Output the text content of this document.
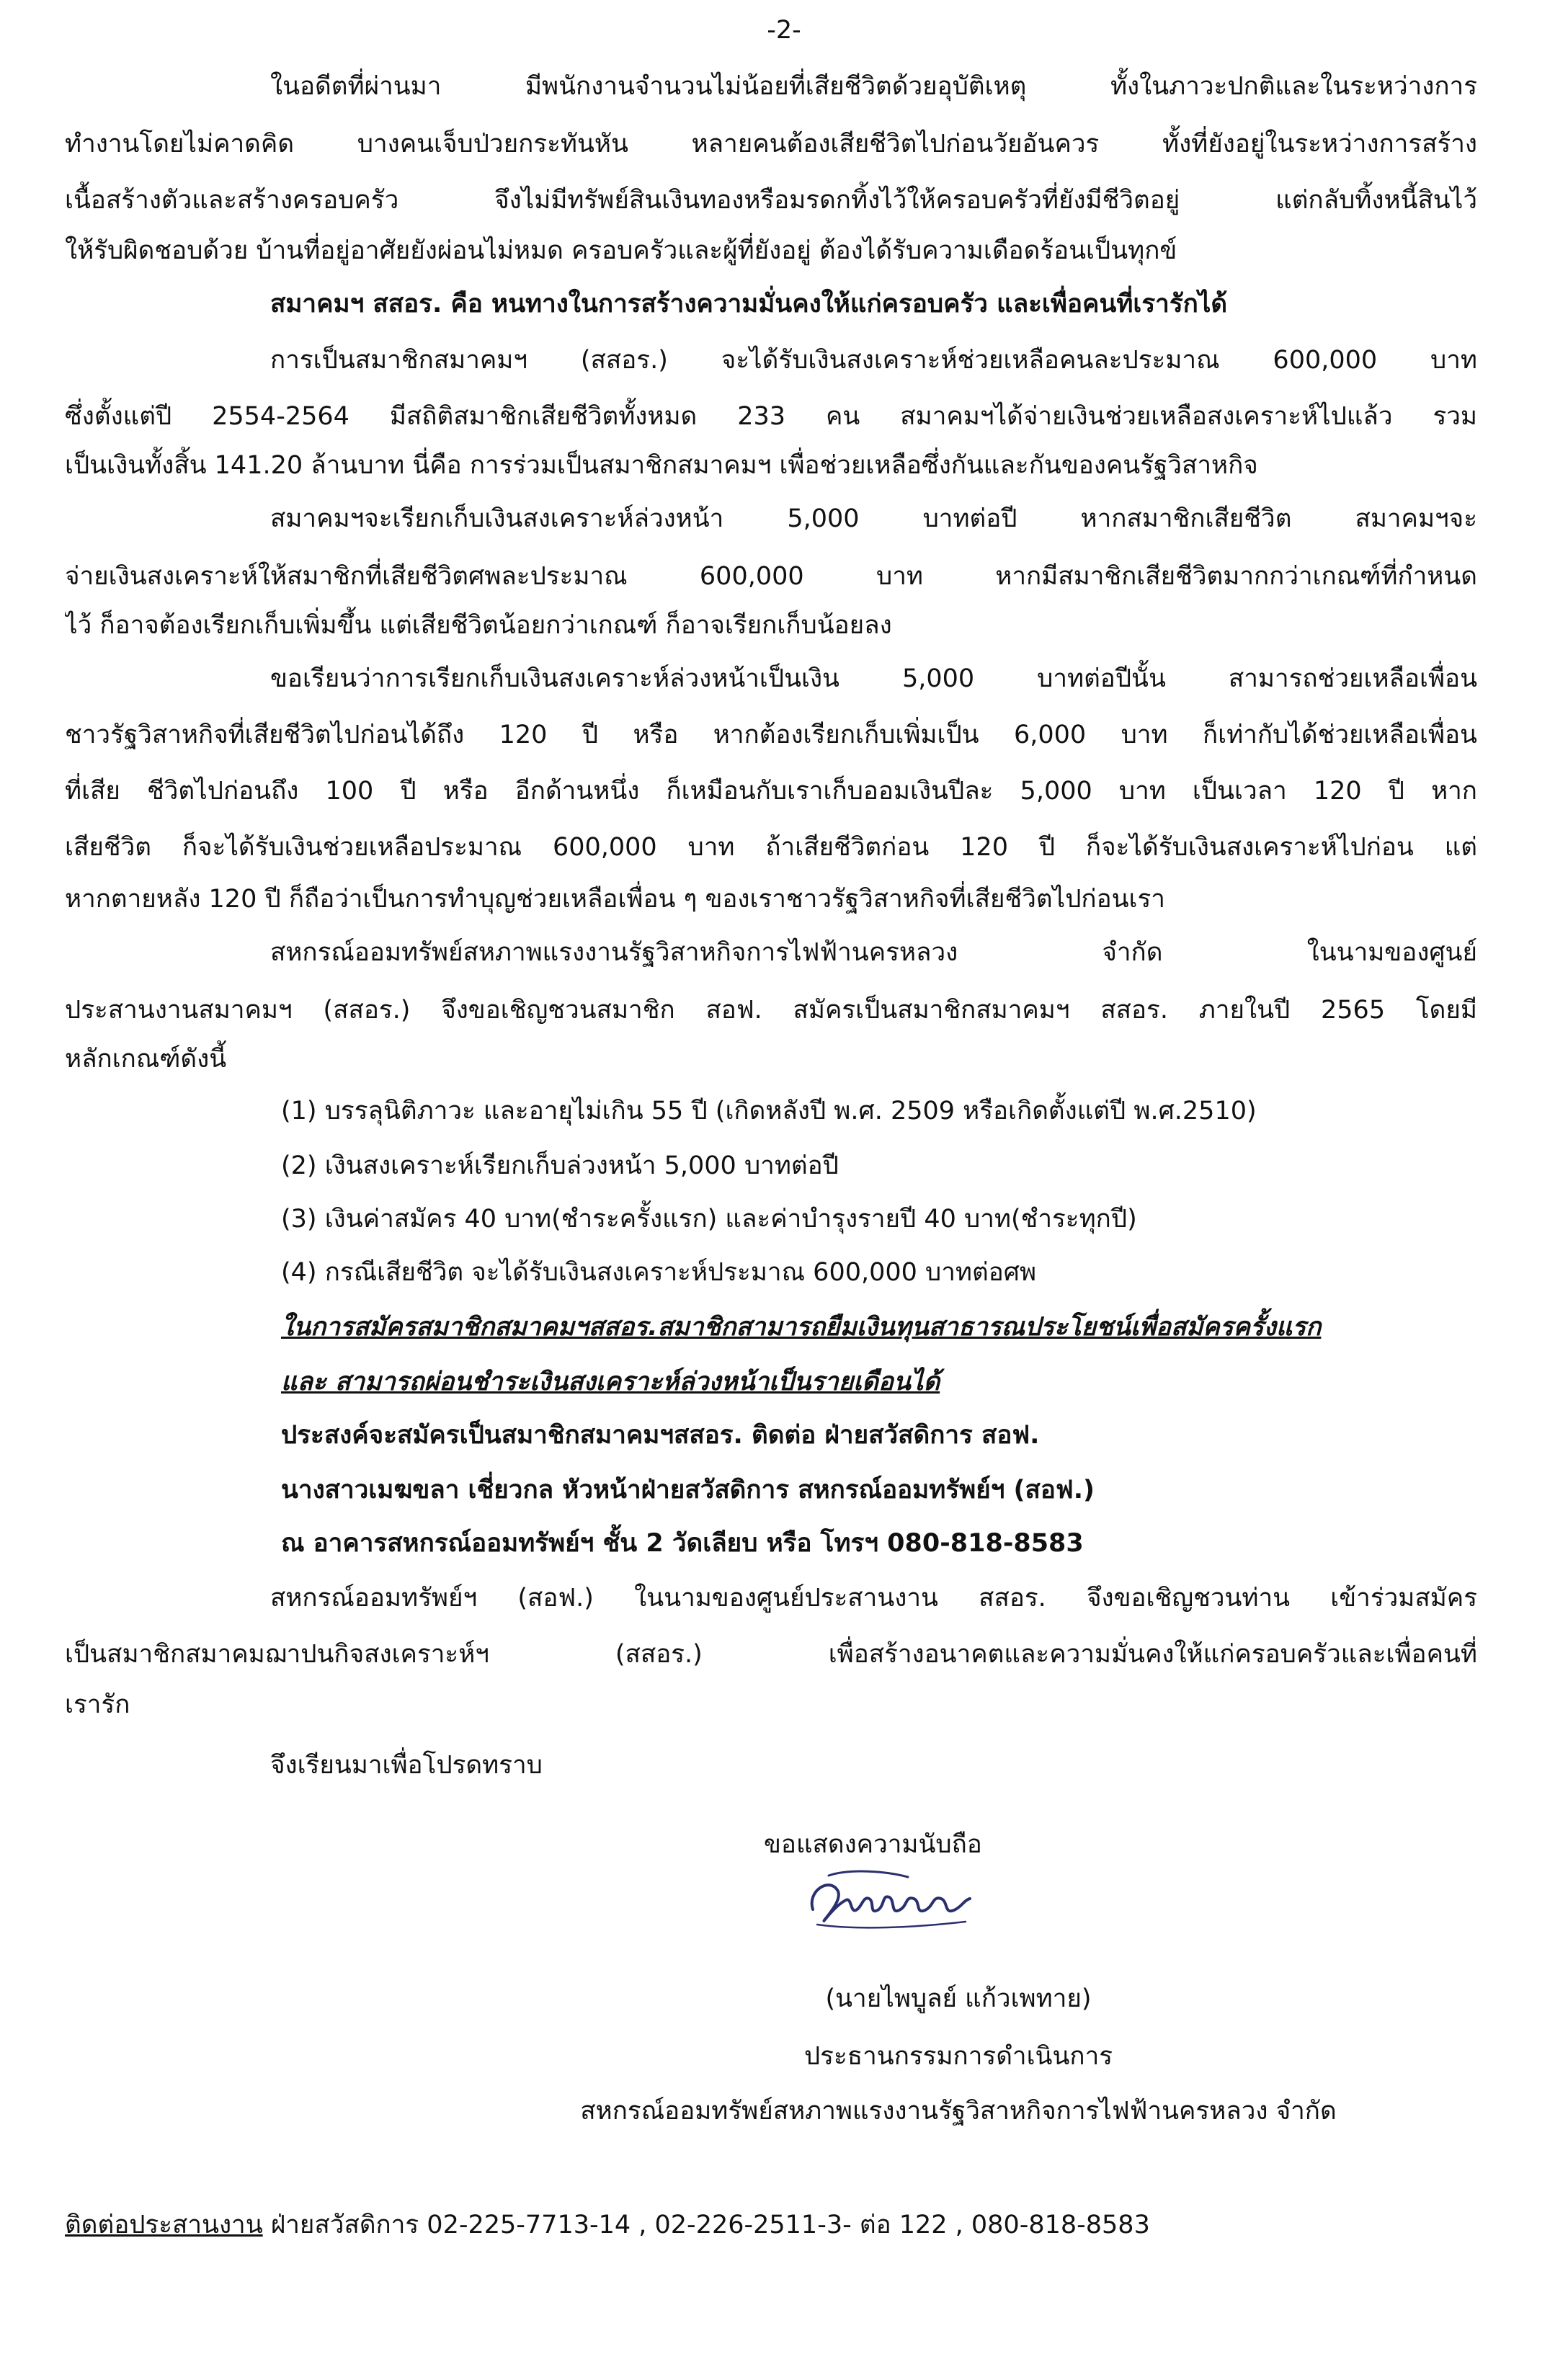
-2-
ในอดีตที่ผ่านมา มีพนักงานจำนวนไม่น้อยที่เสียชีวิตด้วยอุบัติเหตุ ทั้งในภาวะปกติและในระหว่างการ
ทำงานโดยไม่คาดคิด บางคนเจ็บป่วยกระทันหัน หลายคนต้องเสียชีวิตไปก่อนวัยอันควร ทั้งที่ยังอยู่ในระหว่างการสร้าง
เนื้อสร้างตัวและสร้างครอบครัว จึงไม่มีทรัพย์สินเงินทองหรือมรดกทิ้งไว้ให้ครอบครัวที่ยังมีชีวิตอยู่ แต่กลับทิ้งหนี้สินไว้
ให้รับผิดชอบด้วย บ้านที่อยู่อาศัยยังผ่อนไม่หมด ครอบครัวและผู้ที่ยังอยู่ ต้องได้รับความเดือดร้อนเป็นทุกข์
สมาคมฯ สสอร. คือ หนทางในการสร้างความมั่นคงให้แก่ครอบครัว และเพื่อคนที่เรารักได้
การเป็นสมาชิกสมาคมฯ (สสอร.) จะได้รับเงินสงเคราะห์ช่วยเหลือคนละประมาณ 600,000 บาท
ซึ่งตั้งแต่ปี 2554-2564 มีสถิติสมาชิกเสียชีวิตทั้งหมด 233 คน สมาคมฯได้จ่ายเงินช่วยเหลือสงเคราะห์ไปแล้ว รวม
เป็นเงินทั้งสิ้น 141.20 ล้านบาท นี่คือ การร่วมเป็นสมาชิกสมาคมฯ เพื่อช่วยเหลือซึ่งกันและกันของคนรัฐวิสาหกิจ
สมาคมฯจะเรียกเก็บเงินสงเคราะห์ล่วงหน้า 5,000 บาทต่อปี หากสมาชิกเสียชีวิต สมาคมฯจะ
จ่ายเงินสงเคราะห์ให้สมาชิกที่เสียชีวิตศพละประมาณ 600,000 บาท หากมีสมาชิกเสียชีวิตมากกว่าเกณฑ์ที่กำหนด
ไว้ ก็อาจต้องเรียกเก็บเพิ่มขึ้น แต่เสียชีวิตน้อยกว่าเกณฑ์ ก็อาจเรียกเก็บน้อยลง
ขอเรียนว่าการเรียกเก็บเงินสงเคราะห์ล่วงหน้าเป็นเงิน 5,000 บาทต่อปีนั้น สามารถช่วยเหลือเพื่อน
ชาวรัฐวิสาหกิจที่เสียชีวิตไปก่อนได้ถึง 120 ปี หรือ หากต้องเรียกเก็บเพิ่มเป็น 6,000 บาท ก็เท่ากับได้ช่วยเหลือเพื่อน
ที่เสีย ชีวิตไปก่อนถึง 100 ปี หรือ อีกด้านหนึ่ง ก็เหมือนกับเราเก็บออมเงินปีละ 5,000 บาท เป็นเวลา 120 ปี หาก
เสียชีวิต ก็จะได้รับเงินช่วยเหลือประมาณ 600,000 บาท ถ้าเสียชีวิตก่อน 120 ปี ก็จะได้รับเงินสงเคราะห์ไปก่อน แต่
หากตายหลัง 120 ปี ก็ถือว่าเป็นการทำบุญช่วยเหลือเพื่อน ๆ ของเราชาวรัฐวิสาหกิจที่เสียชีวิตไปก่อนเรา
สหกรณ์ออมทรัพย์สหภาพแรงงานรัฐวิสาหกิจการไฟฟ้านครหลวง จำกัด ในนามของศูนย์
ประสานงานสมาคมฯ (สสอร.) จึงขอเชิญชวนสมาชิก สอฟ. สมัครเป็นสมาชิกสมาคมฯ สสอร. ภายในปี 2565 โดยมี
หลักเกณฑ์ดังนี้
(1) บรรลุนิติภาวะ และอายุไม่เกิน 55 ปี (เกิดหลังปี พ.ศ. 2509 หรือเกิดตั้งแต่ปี พ.ศ.2510)
(2) เงินสงเคราะห์เรียกเก็บล่วงหน้า 5,000 บาทต่อปี
(3) เงินค่าสมัคร 40 บาท(ชำระครั้งแรก) และค่าบำรุงรายปี 40 บาท(ชำระทุกปี)
(4) กรณีเสียชีวิต จะได้รับเงินสงเคราะห์ประมาณ 600,000 บาทต่อศพ
ในการสมัครสมาชิกสมาคมฯสสอร.สมาชิกสามารถยืมเงินทุนสาธารณประโยชน์เพื่อสมัครครั้งแรก
และ สามารถผ่อนชำระเงินสงเคราะห์ล่วงหน้าเป็นรายเดือนได้
ประสงค์จะสมัครเป็นสมาชิกสมาคมฯสสอร. ติดต่อ ฝ่ายสวัสดิการ สอฟ.
นางสาวเมฆขลา เชี่ยวกล หัวหน้าฝ่ายสวัสดิการ สหกรณ์ออมทรัพย์ฯ (สอฟ.)
ณ อาคารสหกรณ์ออมทรัพย์ฯ ชั้น 2 วัดเลียบ หรือ โทรฯ 080-818-8583
สหกรณ์ออมทรัพย์ฯ (สอฟ.) ในนามของศูนย์ประสานงาน สสอร. จึงขอเชิญชวนท่าน เข้าร่วมสมัคร
เป็นสมาชิกสมาคมฌาปนกิจสงเคราะห์ฯ (สสอร.) เพื่อสร้างอนาคตและความมั่นคงให้แก่ครอบครัวและเพื่อคนที่
เรารัก
จึงเรียนมาเพื่อโปรดทราบ
ขอแสดงความนับถือ
(นายไพบูลย์ แก้วเพทาย)
ประธานกรรมการดำเนินการ
สหกรณ์ออมทรัพย์สหภาพแรงงานรัฐวิสาหกิจการไฟฟ้านครหลวง จำกัด
ติดต่อประสานงาน ฝ่ายสวัสดิการ 02-225-7713-14 , 02-226-2511-3- ต่อ 122 , 080-818-8583
